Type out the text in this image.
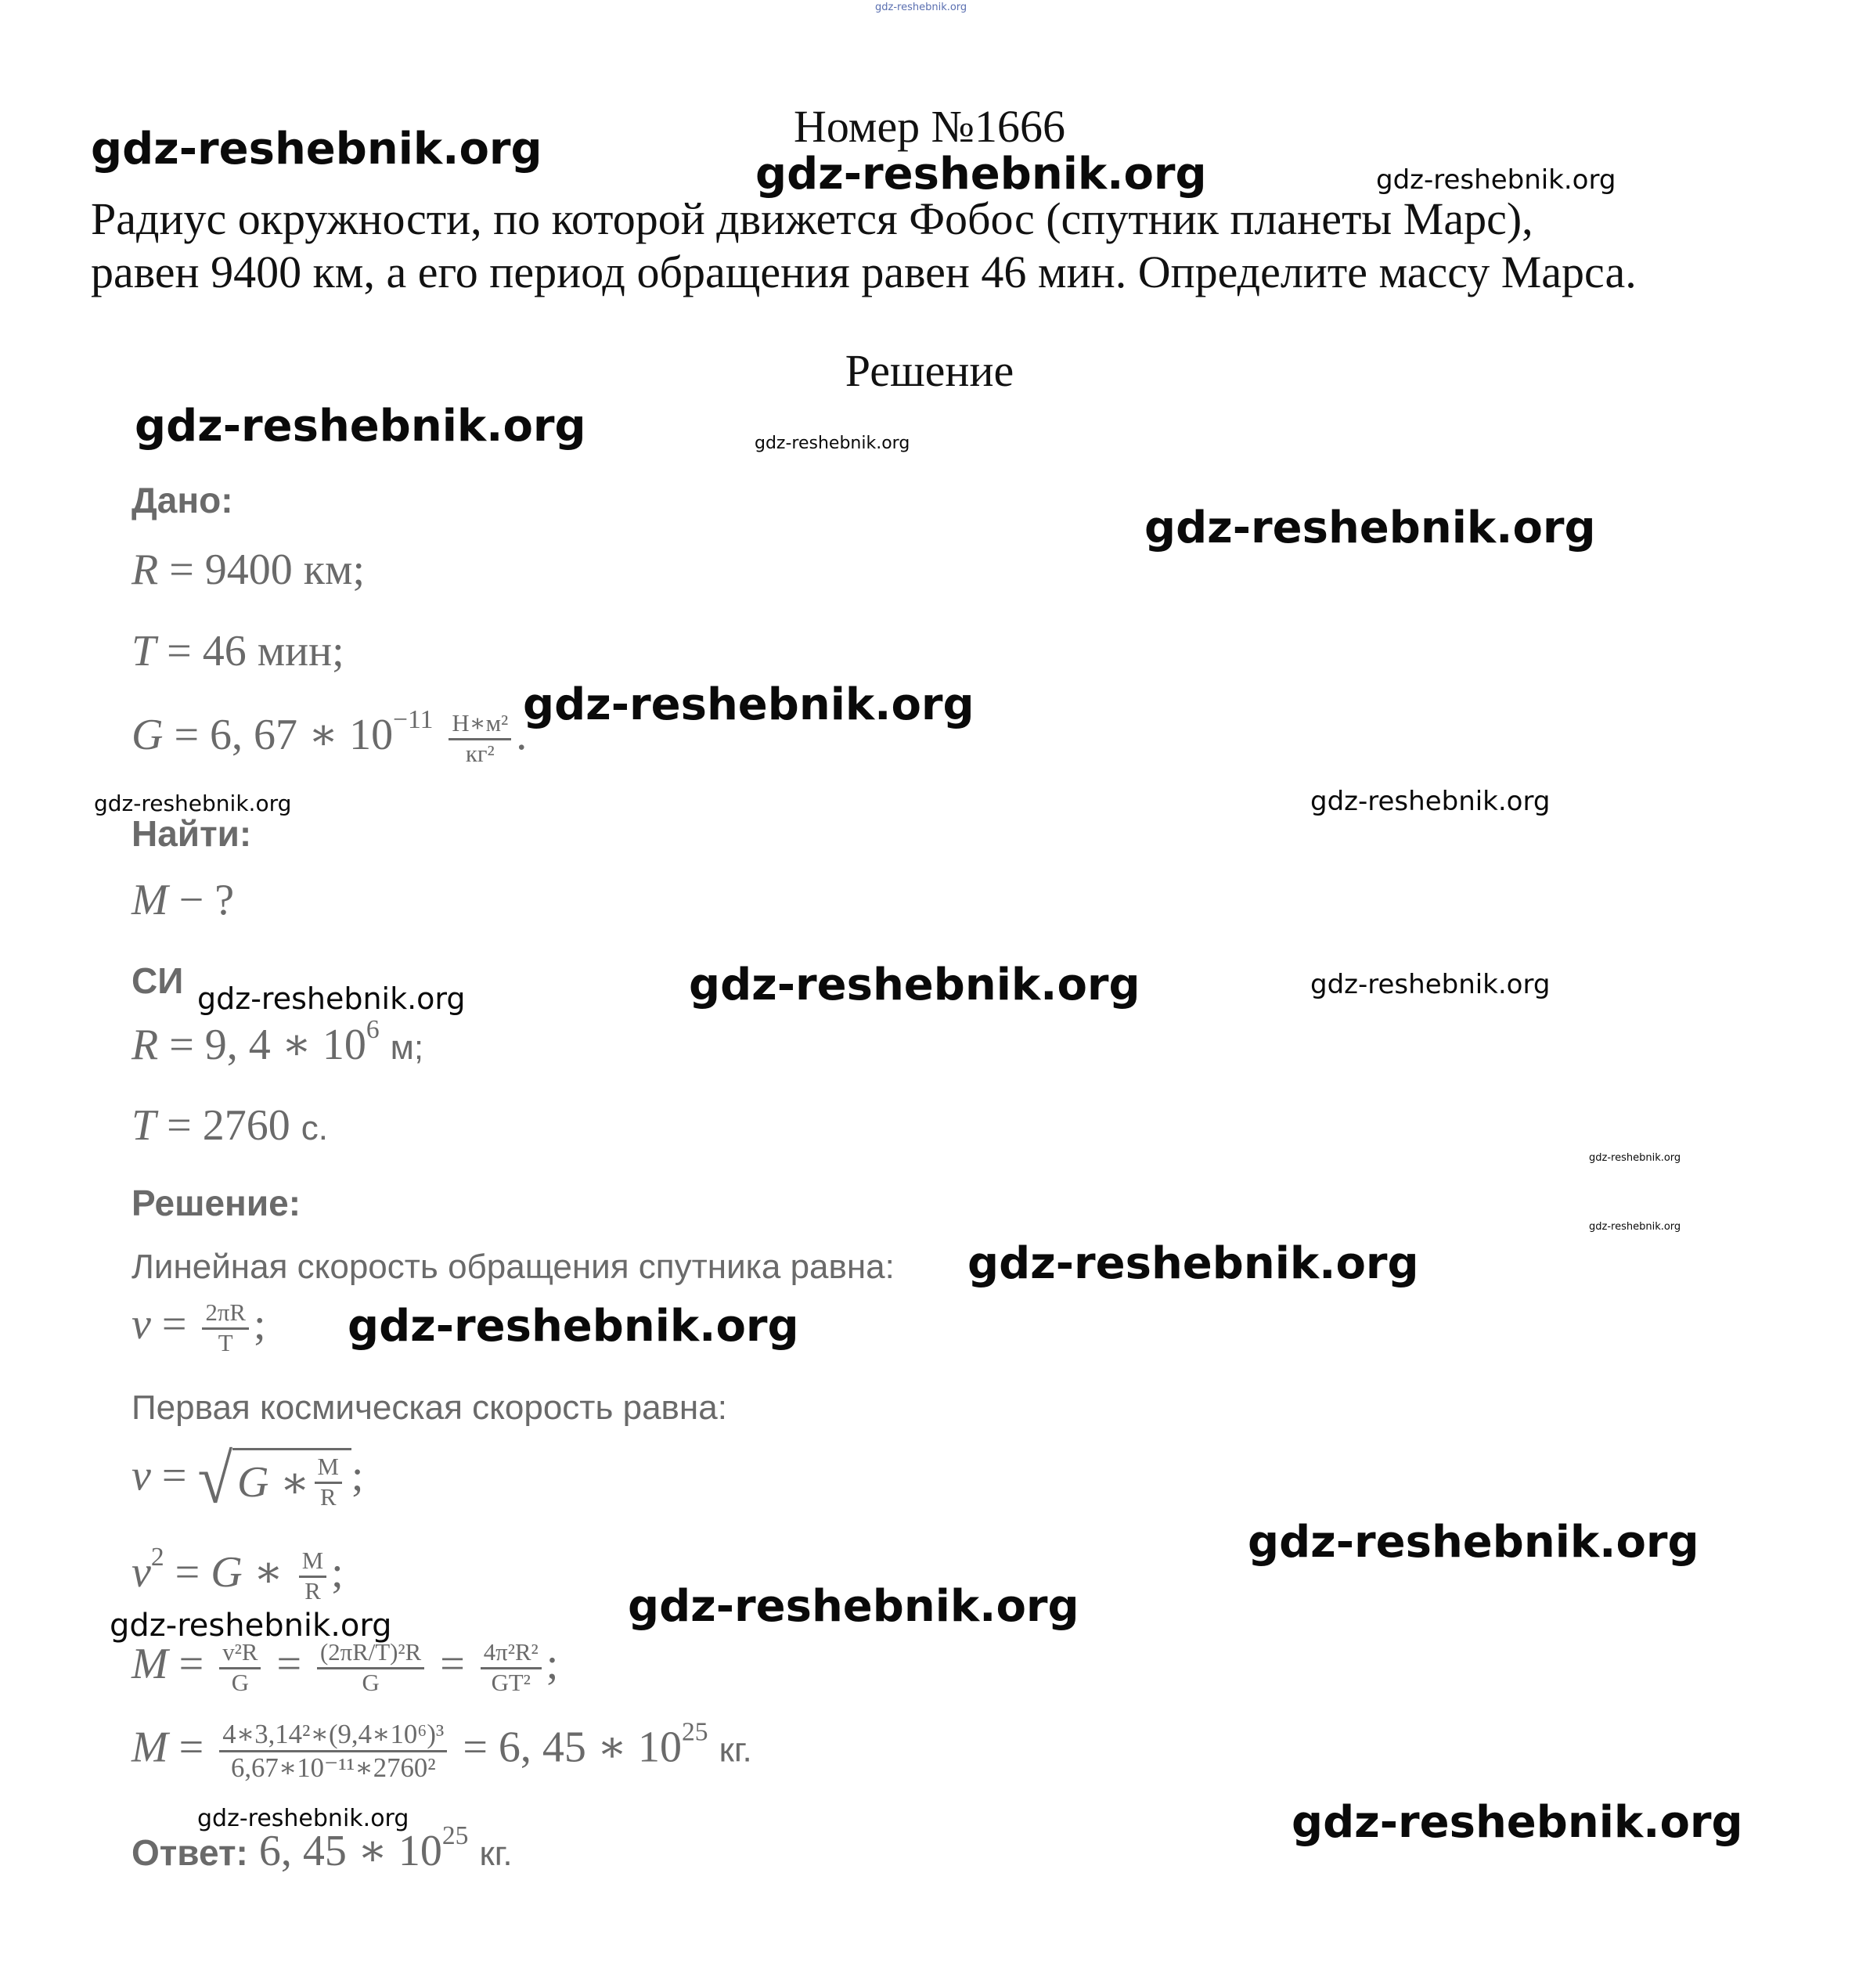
Номер №1666
Радиус окружности, по которой движется Фобос (спутник планеты Марс),
равен 9400 км, а его период обращения равен 46 мин. Определите массу Марса.
Решение
Дано:
R = 9400 км;
T = 46 мин;
G = 6, 67 ∗ $10^{-11} \frac{\text{Н∗м²}}{\text{кг²}}$ .
Найти:
M − ?
СИ
R = 9, 4 ∗ $10^6$ м;
T = 2760 с.
Решение:
Линейная скорость обращения спутника равна:
$v = \frac{2\pi R}{T}$ ;
Первая космическая скорость равна:
v = √ G ∗ $\frac{M}{R}$ ;
$v^2 = G$ ∗ $\frac{М}{R}$ ;
$M = \frac{\text{v²R}}{G} = \frac{\text{(2πR/T)²R}}{G} = \frac{\text{4π²R²}}{\text{GT²}}$ ;
$M = \frac{\text{4∗3,14²∗(9,4∗10⁶)³}}{\text{6,67∗10⁻¹¹∗2760²}} = 6$, 45 ∗ $10^{25}$ кг.
Ответ: 6, 45 ∗ $10^{25}$ кг.
gdz-reshebnik.org
gdz-reshebnik.org	gdz-reshebnik.org	gdz-reshebnik.org
gdz-reshebnik.org	gdz-reshebnik.org
gdz-reshebnik.org
gdz-reshebnik.org
gdz-reshebnik.org	gdz-reshebnik.org
gdz-reshebnik.org	gdz-reshebnik.org	gdz-reshebnik.org
gdz-reshebnik.org
gdz-reshebnik.org
gdz-reshebnik.org
gdz-reshebnik.org
gdz-reshebnik.org
gdz-reshebnik.org
gdz-reshebnik.org
gdz-reshebnik.org	gdz-reshebnik.org
